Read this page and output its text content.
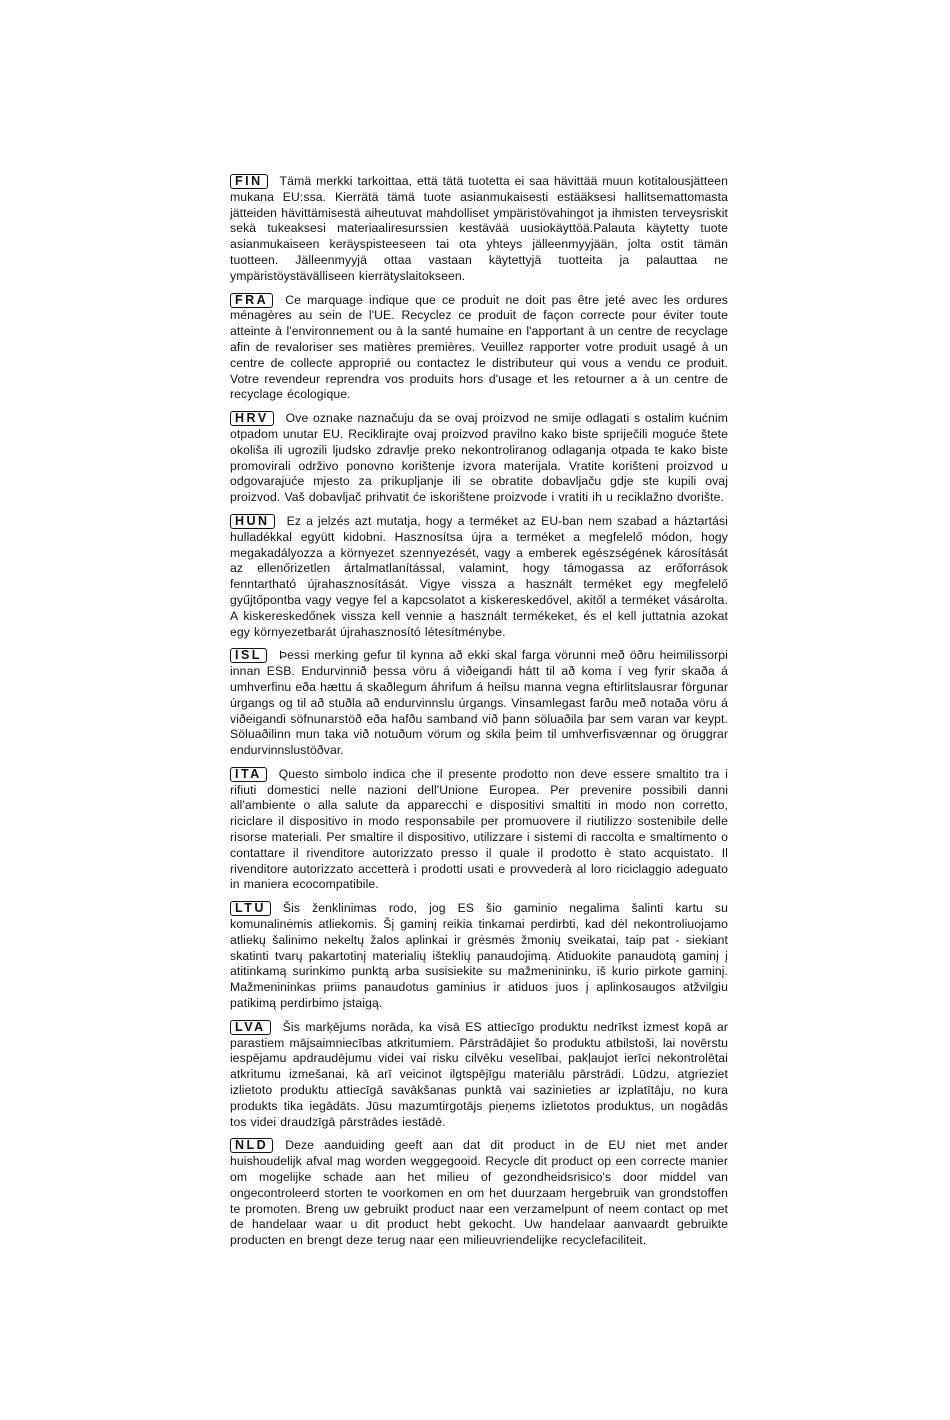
FIN Tämä merkki tarkoittaa, että tätä tuotetta ei saa hävittää muun kotitalousjätteen mukana EU:ssa. Kierrätä tämä tuote asianmukaisesti estääksesi hallitsemattomasta jätteiden hävittämisestä aiheutuvat mahdolliset ympäristövahingot ja ihmisten terveysriskit sekä tukeaksesi materiaaliresurssien kestävää uusiokäyttöä.Palauta käytetty tuote asianmukaiseen keräyspisteeseen tai ota yhteys jälleenmyyjään, jolta ostit tämän tuotteen. Jälleenmyyjä ottaa vastaan käytettyjä tuotteita ja palauttaa ne ympäristöystävälliseen kierrätyslaitokseen.
FRA Ce marquage indique que ce produit ne doit pas être jeté avec les ordures ménagères au sein de l'UE. Recyclez ce produit de façon correcte pour éviter toute atteinte à l'environnement ou à la santé humaine en l'apportant à un centre de recyclage afin de revaloriser ses matières premières. Veuillez rapporter votre produit usagé à un centre de collecte approprié ou contactez le distributeur qui vous a vendu ce produit. Votre revendeur reprendra vos produits hors d'usage et les retourner a à un centre de recyclage écologique.
HRV Ove oznake naznačuju da se ovaj proizvod ne smije odlagati s ostalim kućnim otpadom unutar EU. Reciklirajte ovaj proizvod pravilno kako biste spriječili moguće štete okoliša ili ugrozili ljudsko zdravlje preko nekontroliranog odlaganja otpada te kako biste promovirali održivo ponovno korištenje izvora materijala. Vratite korišteni proizvod u odgovarajuće mjesto za prikupljanje ili se obratite dobavljaču gdje ste kupili ovaj proizvod. Vaš dobavljač prihvatit će iskorištene proizvode i vratiti ih u reciklažno dvorište.
HUN Ez a jelzés azt mutatja, hogy a terméket az EU-ban nem szabad a háztartási hulladékkal együtt kidobni. Hasznosítsa újra a terméket a megfelelő módon, hogy megakadályozza a környezet szennyezését, vagy a emberek egészségének károsítását az ellenőrizetlen ártalmatlanítással, valamint, hogy támogassa az erőforrások fenntartható újrahasznosítását. Vigye vissza a használt terméket egy megfelelő gyűjtőpontba vagy vegye fel a kapcsolatot a kiskereskedővel, akitől a terméket vásárolta. A kiskereskedőnek vissza kell vennie a használt termékeket, és el kell juttatnia azokat egy környezetbarát újrahasznosító létesítménybe.
ISL Þessi merking gefur til kynna að ekki skal farga vörunni með öðru heimilissorpi innan ESB. Endurvinnið þessa vöru á viðeigandi hátt til að koma í veg fyrir skaða á umhverfinu eða hættu á skaðlegum áhrifum á heilsu manna vegna eftirlitslausrar förgunar úrgangs og til að stuðla að endurvinnslu úrgangs. Vinsamlegast farðu með notaða vöru á viðeigandi söfnunarstöð eða hafðu samband við þann söluaðila þar sem varan var keypt. Söluaðilinn mun taka við notuðum vörum og skila þeim til umhverfisvænnar og öruggrar endurvinnslustöðvar.
ITA Questo simbolo indica che il presente prodotto non deve essere smaltito tra i rifiuti domestici nelle nazioni dell'Unione Europea. Per prevenire possibili danni all'ambiente o alla salute da apparecchi e dispositivi smaltiti in modo non corretto, riciclare il dispositivo in modo responsabile per promuovere il riutilizzo sostenibile delle risorse materiali. Per smaltire il dispositivo, utilizzare i sistemi di raccolta e smaltimento o contattare il rivenditore autorizzato presso il quale il prodotto è stato acquistato. Il rivenditore autorizzato accetterà i prodotti usati e provvederà al loro riciclaggio adeguato in maniera ecocompatibile.
LTU Šis ženklinimas rodo, jog ES šio gaminio negalima šalinti kartu su komunalinėmis atliekomis. Šį gaminį reikia tinkamai perdirbti, kad dėl nekontroliuojamo atliekų šalinimo nekeltų žalos aplinkai ir grėsmės žmonių sveikatai, taip pat - siekiant skatinti tvarų pakartotinį materialių išteklių panaudojimą. Atiduokite panaudotą gaminį į atitinkamą surinkimo punktą arba susisiekite su mažmenininku, iš kurio pirkote gaminį. Mažmenininkas priims panaudotus gaminius ir atiduos juos į aplinkosaugos atžvilgiu patikimą perdirbimo įstaigą.
LVA Šis marķējums norāda, ka visā ES attiecīgo produktu nedrīkst izmest kopā ar parastiem mājsaimniecības atkritumiem. Pārstrādājiet šo produktu atbilstoši, lai novērstu iespējamu apdraudējumu videi vai risku cilvēku veselībai, pakļaujot ierīci nekontrolētai atkritumu izmešanai, kā arī veicinot ilgtspējīgu materiālu pārstrādi. Lūdzu, atgrieziet izlietoto produktu attiecīgā savākšanas punktā vai sazinieties ar izplatītāju, no kura produkts tika iegādāts. Jūsu mazumtirgotājs pieņems izlietotos produktus, un nogādās tos videi draudzīgā pārstrādes iestādē.
NLD Deze aanduiding geeft aan dat dit product in de EU niet met ander huishoudelijk afval mag worden weggegooid. Recycle dit product op een correcte manier om mogelijke schade aan het milieu of gezondheidsrisico's door middel van ongecontroleerd storten te voorkomen en om het duurzaam hergebruik van grondstoffen te promoten. Breng uw gebruikt product naar een verzamelpunt of neem contact op met de handelaar waar u dit product hebt gekocht. Uw handelaar aanvaardt gebruikte producten en brengt deze terug naar een milieuvriendelijke recyclefaciliteit.
